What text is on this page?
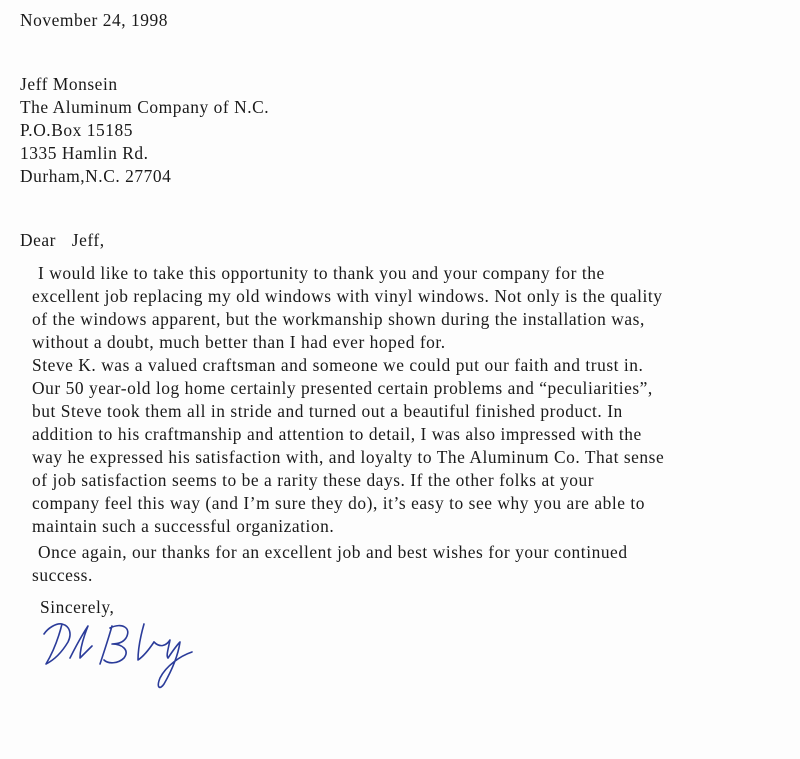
November 24, 1998
Jeff Monsein
The Aluminum Company of N.C.
P.O.Box 15185
1335 Hamlin Rd.
Durham,N.C. 27704
Dear  Jeff,
I would like to take this opportunity to thank you and your company for the
excellent job replacing my old windows with vinyl windows. Not only is the quality
of the windows apparent, but the workmanship shown during the installation was,
without a doubt, much better than I had ever hoped for.
Steve K. was a valued craftsman and someone we could put our faith and trust in.
Our 50 year-old log home certainly presented certain problems and “peculiarities”,
but Steve took them all in stride and turned out a beautiful finished product. In
addition to his craftmanship and attention to detail, I was also impressed with the
way he expressed his satisfaction with, and loyalty to The Aluminum Co. That sense
of job satisfaction seems to be a rarity these days. If the other folks at your
company feel this way (and I’m sure they do), it’s easy to see why you are able to
maintain such a successful organization.
Once again, our thanks for an excellent job and best wishes for your continued
success.
Sincerely,
